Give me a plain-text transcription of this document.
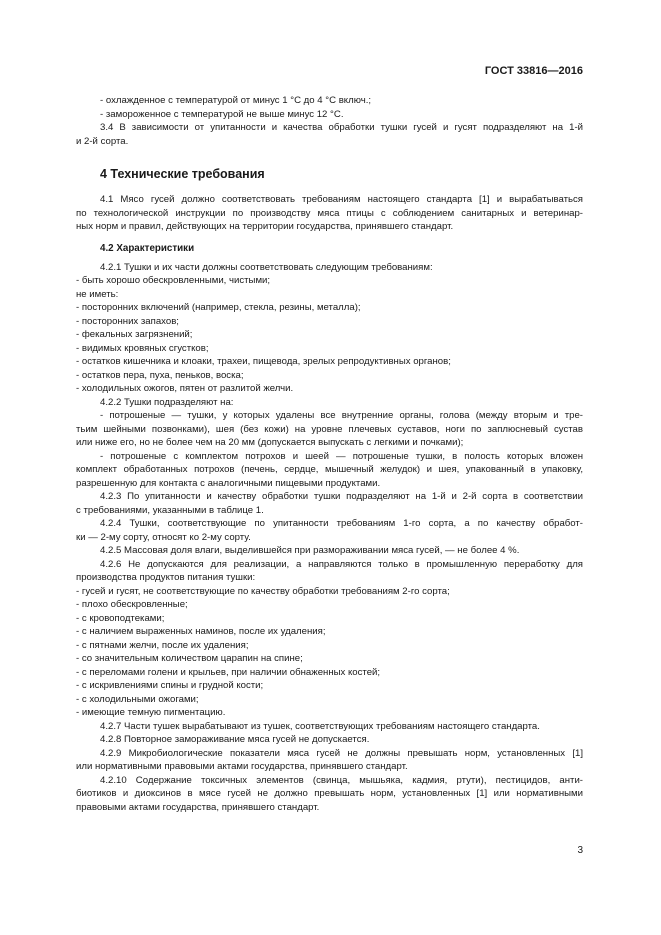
ГОСТ 33816—2016
- охлажденное с температурой от минус 1 °С до 4 °С включ.;
- замороженное с температурой не выше минус 12 °С.
3.4 В зависимости от упитанности и качества обработки тушки гусей и гусят подразделяют на 1-й
и 2-й сорта.
4 Технические требования
4.1 Мясо гусей должно соответствовать требованиям настоящего стандарта [1] и вырабатываться
по технологической инструкции по производству мяса птицы с соблюдением санитарных и ветеринар-
ных норм и правил, действующих на территории государства, принявшего стандарт.
4.2 Характеристики
4.2.1 Тушки и их части должны соответствовать следующим требованиям:
- быть хорошо обескровленными, чистыми;
не иметь:
- посторонних включений (например, стекла, резины, металла);
- посторонних запахов;
- фекальных загрязнений;
- видимых кровяных сгустков;
- остатков кишечника и клоаки, трахеи, пищевода, зрелых репродуктивных органов;
- остатков пера, пуха, пеньков, воска;
- холодильных ожогов, пятен от разлитой желчи.
4.2.2 Тушки подразделяют на:
- потрошеные — тушки, у которых удалены все внутренние органы, голова (между вторым и тре-
тьим шейными позвонками), шея (без кожи) на уровне плечевых суставов, ноги по заплюсневый сустав
или ниже его, но не более чем на 20 мм (допускается выпускать с легкими и почками);
- потрошеные с комплектом потрохов и шеей — потрошеные тушки, в полость которых вложен
комплект обработанных потрохов (печень, сердце, мышечный желудок) и шея, упакованный в упаковку,
разрешенную для контакта с аналогичными пищевыми продуктами.
4.2.3 По упитанности и качеству обработки тушки подразделяют на 1-й и 2-й сорта в соответствии
с требованиями, указанными в таблице 1.
4.2.4 Тушки, соответствующие по упитанности требованиям 1-го сорта, а по качеству обработ-
ки — 2-му сорту, относят ко 2-му сорту.
4.2.5 Массовая доля влаги, выделившейся при размораживании мяса гусей, — не более 4 %.
4.2.6 Не допускаются для реализации, а направляются только в промышленную переработку для
производства продуктов питания тушки:
- гусей и гусят, не соответствующие по качеству обработки требованиям 2-го сорта;
- плохо обескровленные;
- с кровоподтеками;
- с наличием выраженных наминов, после их удаления;
- с пятнами желчи, после их удаления;
- со значительным количеством царапин на спине;
- с переломами голени и крыльев, при наличии обнаженных костей;
- с искривлениями спины и грудной кости;
- с холодильными ожогами;
- имеющие темную пигментацию.
4.2.7 Части тушек вырабатывают из тушек, соответствующих требованиям настоящего стандарта.
4.2.8 Повторное замораживание мяса гусей не допускается.
4.2.9 Микробиологические показатели мяса гусей не должны превышать норм, установленных [1]
или нормативными правовыми актами государства, принявшего стандарт.
4.2.10 Содержание токсичных элементов (свинца, мышьяка, кадмия, ртути), пестицидов, анти-
биотиков и диоксинов в мясе гусей не должно превышать норм, установленных [1] или нормативными
правовыми актами государства, принявшего стандарт.
3
